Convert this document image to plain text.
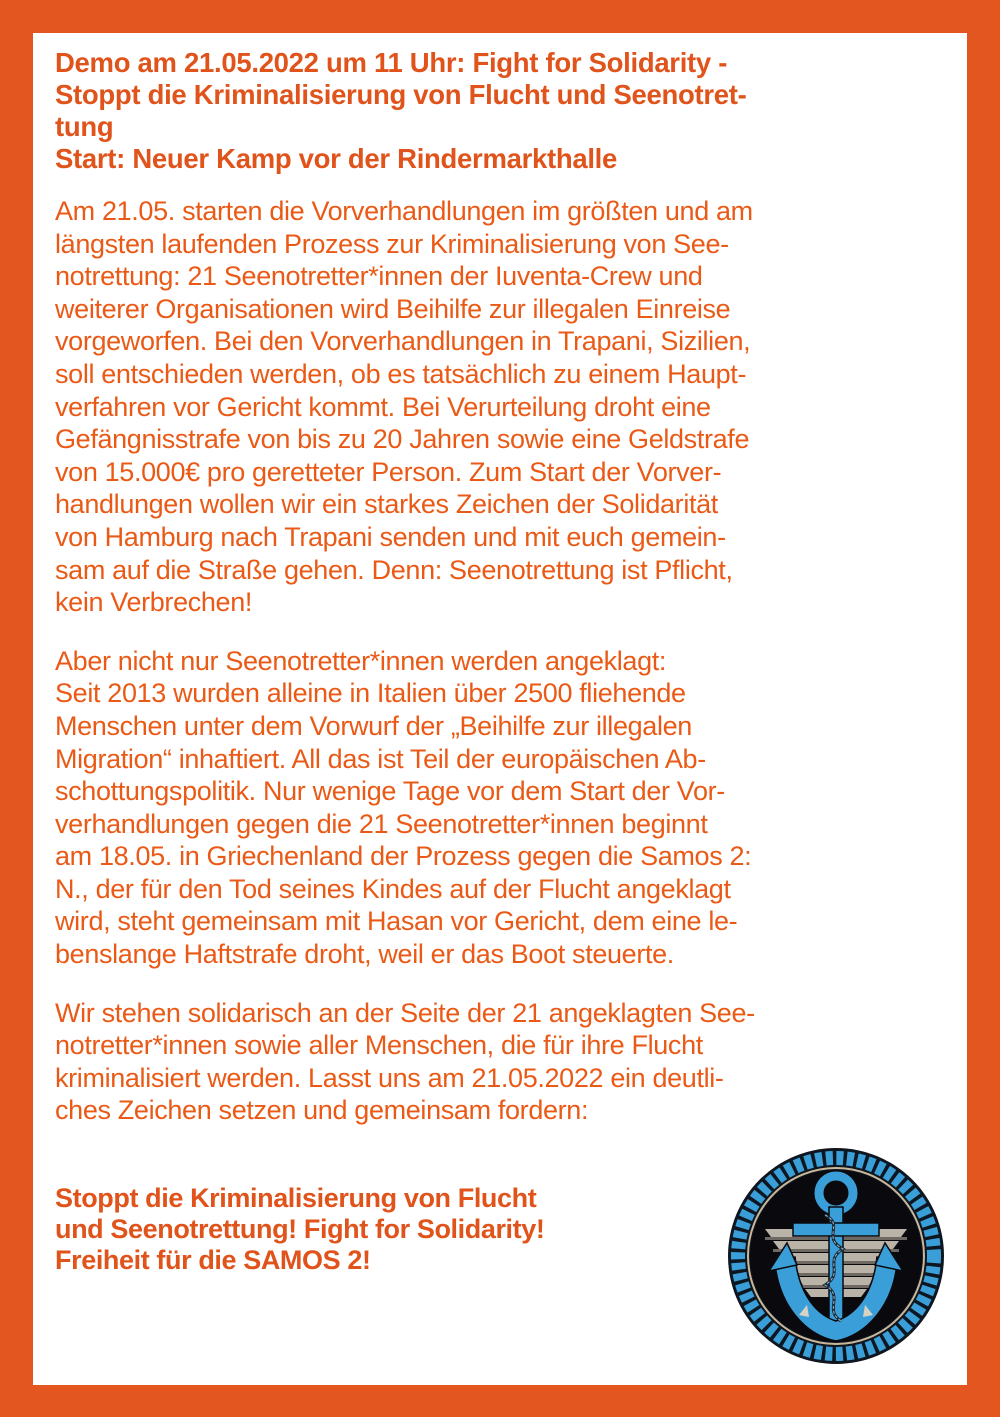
Demo am 21.05.2022 um 11 Uhr: Fight for Solidarity -
Stoppt die Kriminalisierung von Flucht und Seenotret-
tung
Start: Neuer Kamp vor der Rindermarkthalle

Am 21.05. starten die Vorverhandlungen im größten und am
längsten laufenden Prozess zur Kriminalisierung von See-
notrettung: 21 Seenotretter*innen der Iuventa-Crew und
weiterer Organisationen wird Beihilfe zur illegalen Einreise
vorgeworfen. Bei den Vorverhandlungen in Trapani, Sizilien,
soll entschieden werden, ob es tatsächlich zu einem Haupt-
verfahren vor Gericht kommt. Bei Verurteilung droht eine
Gefängnisstrafe von bis zu 20 Jahren sowie eine Geldstrafe
von 15.000€ pro geretteter Person. Zum Start der Vorver-
handlungen wollen wir ein starkes Zeichen der Solidarität
von Hamburg nach Trapani senden und mit euch gemein-
sam auf die Straße gehen. Denn: Seenotrettung ist Pflicht,
kein Verbrechen!

Aber nicht nur Seenotretter*innen werden angeklagt:
Seit 2013 wurden alleine in Italien über 2500 fliehende
Menschen unter dem Vorwurf der „Beihilfe zur illegalen
Migration“ inhaftiert. All das ist Teil der europäischen Ab-
schottungspolitik. Nur wenige Tage vor dem Start der Vor-
verhandlungen gegen die 21 Seenotretter*innen beginnt
am 18.05. in Griechenland der Prozess gegen die Samos 2:
N., der für den Tod seines Kindes auf der Flucht angeklagt
wird, steht gemeinsam mit Hasan vor Gericht, dem eine le-
benslange Haftstrafe droht, weil er das Boot steuerte.

Wir stehen solidarisch an der Seite der 21 angeklagten See-
notretter*innen sowie aller Menschen, die für ihre Flucht
kriminalisiert werden. Lasst uns am 21.05.2022 ein deutli-
ches Zeichen setzen und gemeinsam fordern:

Stoppt die Kriminalisierung von Flucht
und Seenotrettung! Fight for Solidarity!
Freiheit für die SAMOS 2!
